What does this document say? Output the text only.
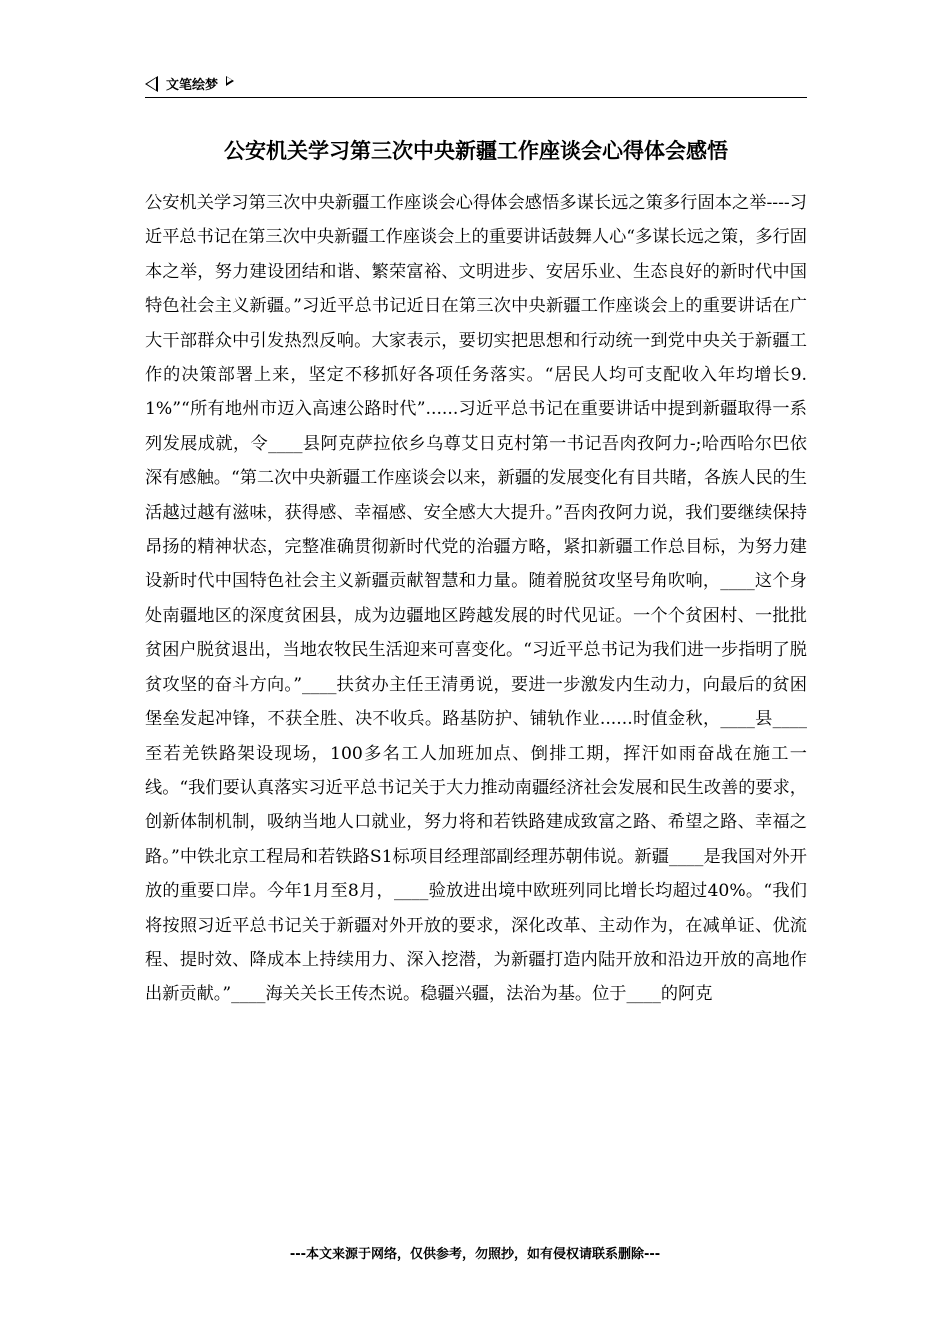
文笔绘梦
公安机关学习第三次中央新疆工作座谈会心得体会感悟

公安机关学习第三次中央新疆工作座谈会心得体会感悟多谋长远之策多行固本之举----习近平总书记在第三次中央新疆工作座谈会上的重要讲话鼓舞人心“多谋长远之策，多行固本之举，努力建设团结和谐、繁荣富裕、文明进步、安居乐业、生态良好的新时代中国特色社会主义新疆。”习近平总书记近日在第三次中央新疆工作座谈会上的重要讲话在广大干部群众中引发热烈反响。大家表示，要切实把思想和行动统一到党中央关于新疆工作的决策部署上来，坚定不移抓好各项任务落实。“居民人均可支配收入年均增长9.1%”“所有地州市迈入高速公路时代”......习近平总书记在重要讲话中提到新疆取得一系列发展成就，令____县阿克萨拉依乡乌尊艾日克村第一书记吾肉孜阿力-;哈西哈尔巴依深有感触。“第二次中央新疆工作座谈会以来，新疆的发展变化有目共睹，各族人民的生活越过越有滋味，获得感、幸福感、安全感大大提升。”吾肉孜阿力说，我们要继续保持昂扬的精神状态，完整准确贯彻新时代党的治疆方略，紧扣新疆工作总目标，为努力建设新时代中国特色社会主义新疆贡献智慧和力量。随着脱贫攻坚号角吹响，____这个身处南疆地区的深度贫困县，成为边疆地区跨越发展的时代见证。一个个贫困村、一批批贫困户脱贫退出，当地农牧民生活迎来可喜变化。“习近平总书记为我们进一步指明了脱贫攻坚的奋斗方向。”____扶贫办主任王清勇说，要进一步激发内生动力，向最后的贫困堡垒发起冲锋，不获全胜、决不收兵。路基防护、铺轨作业......时值金秋，____县____至若羌铁路架设现场，100多名工人加班加点、倒排工期，挥汗如雨奋战在施工一线。“我们要认真落实习近平总书记关于大力推动南疆经济社会发展和民生改善的要求，创新体制机制，吸纳当地人口就业，努力将和若铁路建成致富之路、希望之路、幸福之路。”中铁北京工程局和若铁路S1标项目经理部副经理苏朝伟说。新疆____是我国对外开放的重要口岸。今年1月至8月，____验放进出境中欧班列同比增长均超过40%。“我们将按照习近平总书记关于新疆对外开放的要求，深化改革、主动作为，在减单证、优流程、提时效、降成本上持续用力、深入挖潜，为新疆打造内陆开放和沿边开放的高地作出新贡献。”____海关关长王传杰说。稳疆兴疆，法治为基。位于____的阿克

---本文来源于网络，仅供参考，勿照抄，如有侵权请联系删除---
